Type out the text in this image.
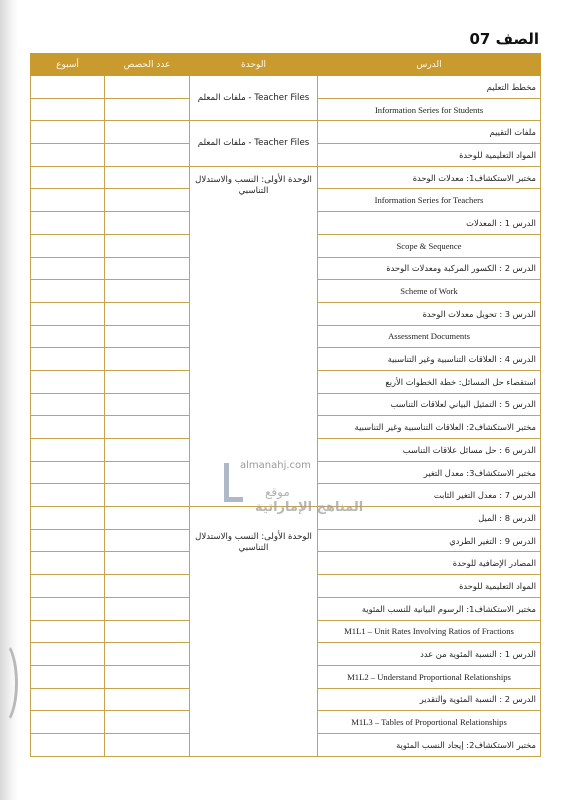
الصف 07
الدرس	الوحدة	عدد الحصص	أسبوع
مخطط التعليم	Teacher Files - ملفات المعلم		
Information Series for Students			
ملفات التقييم	Teacher Files - ملفات المعلم		
المواد التعليمية للوحدة			
مختبر الاستكشاف1: معدلات الوحدة	الوحدة الأولى: النسب والاستدلال التناسبي		
Information Series for Teachers			
الدرس 1 : المعدلات			
Scope & Sequence			
الدرس 2 : الكسور المركبة ومعدلات الوحدة			
Scheme of Work			
الدرس 3 : تحويل معدلات الوحدة			
Assessment Documents			
الدرس 4 : العلاقات التناسبية وغير التناسبية			
استقصاء حل المسائل: خطة الخطوات الأربع			
الدرس 5 : التمثيل البياني لعلاقات التناسب			
مختبر الاستكشاف2: العلاقات التناسبية وغير التناسبية			
الدرس 6 : حل مسائل علاقات التناسب			
مختبر الاستكشاف3: معدل التغير			
الدرس 7 : معدل التغير الثابت			
الدرس 8 : الميل	الوحدة الأولى: النسب والاستدلال التناسبي		
الدرس 9 : التغير الطردي			
المصادر الإضافية للوحدة			
المواد التعليمية للوحدة			
مختبر الاستكشاف1: الرسوم البيانية للنسب المئوية			
M1L1 – Unit Rates Involving Ratios of Fractions			
الدرس 1 : النسبة المئوية من عدد			
M1L2 – Understand Proportional Relationships			
الدرس 2 : النسبة المئوية والتقدير			
M1L3 – Tables of Proportional Relationships			
مختبر الاستكشاف2: إيجاد النسب المئوية			
almanahj.com
موقع
المناهج الإماراتية
